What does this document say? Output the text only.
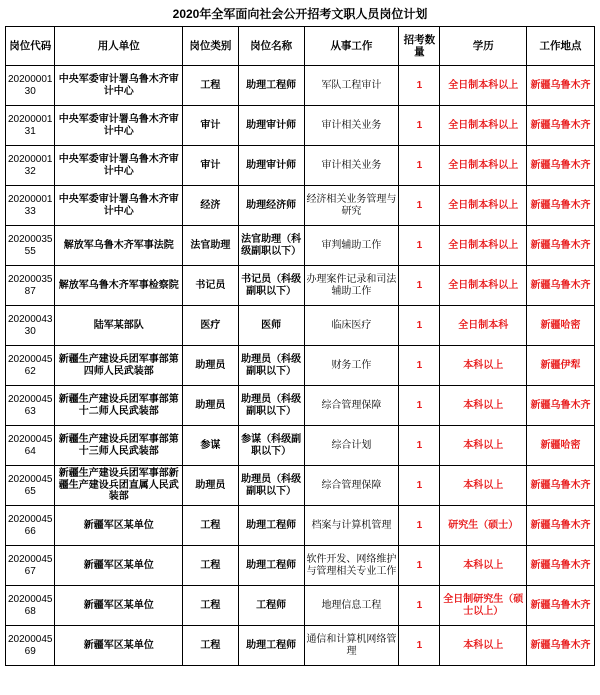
2020年全军面向社会公开招考文职人员岗位计划
岗位代码	用人单位	岗位类别	岗位名称	从事工作	招考数量	学历	工作地点
2020000130	中央军委审计署乌鲁木齐审计中心	工程	助理工程师	军队工程审计	1	全日制本科以上	新疆乌鲁木齐
2020000131	中央军委审计署乌鲁木齐审计中心	审计	助理审计师	审计相关业务	1	全日制本科以上	新疆乌鲁木齐
2020000132	中央军委审计署乌鲁木齐审计中心	审计	助理审计师	审计相关业务	1	全日制本科以上	新疆乌鲁木齐
2020000133	中央军委审计署乌鲁木齐审计中心	经济	助理经济师	经济相关业务管理与研究	1	全日制本科以上	新疆乌鲁木齐
2020003555	解放军乌鲁木齐军事法院	法官助理	法官助理（科级副职以下）	审判辅助工作	1	全日制本科以上	新疆乌鲁木齐
2020003587	解放军乌鲁木齐军事检察院	书记员	书记员（科级副职以下）	办理案件记录和司法辅助工作	1	全日制本科以上	新疆乌鲁木齐
2020004330	陆军某部队	医疗	医师	临床医疗	1	全日制本科	新疆哈密
2020004562	新疆生产建设兵团军事部第四师人民武装部	助理员	助理员（科级副职以下）	财务工作	1	本科以上	新疆伊犁
2020004563	新疆生产建设兵团军事部第十二师人民武装部	助理员	助理员（科级副职以下）	综合管理保障	1	本科以上	新疆乌鲁木齐
2020004564	新疆生产建设兵团军事部第十三师人民武装部	参谋	参谋（科级副职以下）	综合计划	1	本科以上	新疆哈密
2020004565	新疆生产建设兵团军事部新疆生产建设兵团直属人民武装部	助理员	助理员（科级副职以下）	综合管理保障	1	本科以上	新疆乌鲁木齐
2020004566	新疆军区某单位	工程	助理工程师	档案与计算机管理	1	研究生（硕士）	新疆乌鲁木齐
2020004567	新疆军区某单位	工程	助理工程师	软件开发、网络维护与管理相关专业工作	1	本科以上	新疆乌鲁木齐
2020004568	新疆军区某单位	工程	工程师	地理信息工程	1	全日制研究生（硕士以上）	新疆乌鲁木齐
2020004569	新疆军区某单位	工程	助理工程师	通信和计算机网络管理	1	本科以上	新疆乌鲁木齐
